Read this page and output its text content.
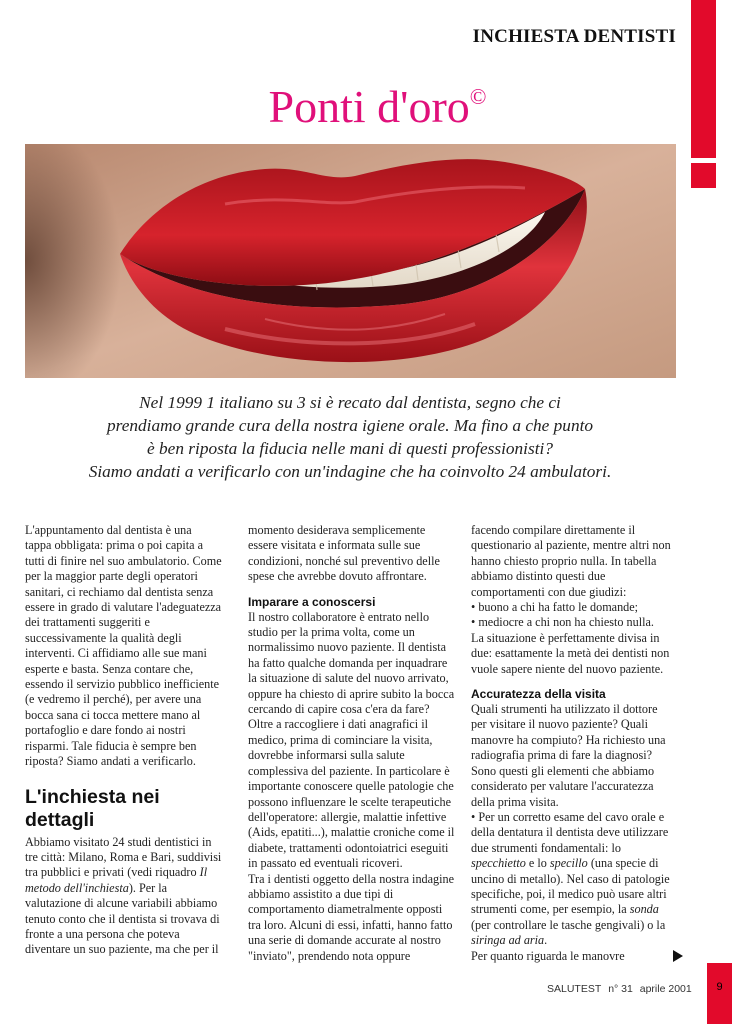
9
INCHIESTA DENTISTI
Ponti d'oro©

Nel 1999 1 italiano su 3 si è recato dal dentista, segno che ci

prendiamo grande cura della nostra igiene orale. Ma fino a che punto

è ben riposta la fiducia nelle mani di questi professionisti?

Siamo andati a verificarlo con un'indagine che ha coinvolto 24 ambulatori.

L'appuntamento dal dentista è una

tappa obbligata: prima o poi capita a

tutti di finire nel suo ambulatorio. Come

per la maggior parte degli operatori

sanitari, ci rechiamo dal dentista senza

essere in grado di valutare l'adeguatezza

dei trattamenti suggeriti e

successivamente la qualità degli

interventi. Ci affidiamo alle sue mani

esperte e basta. Senza contare che,

essendo il servizio pubblico inefficiente

(e vedremo il perché), per avere una

bocca sana ci tocca mettere mano al

portafoglio e dare fondo ai nostri

risparmi. Tale fiducia è sempre ben

riposta? Siamo andati a verificarlo.

L'inchiesta nei
dettagli

Abbiamo visitato 24 studi dentistici in

tre città: Milano, Roma e Bari, suddivisi

tra pubblici e privati (vedi riquadro Il

metodo dell'inchiesta). Per la

valutazione di alcune variabili abbiamo

tenuto conto che il dentista si trovava di

fronte a una persona che poteva

diventare un suo paziente, ma che per il

momento desiderava semplicemente

essere visitata e informata sulle sue

condizioni, nonché sul preventivo delle

spese che avrebbe dovuto affrontare.

Imparare a conoscersi

Il nostro collaboratore è entrato nello

studio per la prima volta, come un

normalissimo nuovo paziente. Il dentista

ha fatto qualche domanda per inquadrare

la situazione di salute del nuovo arrivato,

oppure ha chiesto di aprire subito la bocca

cercando di capire cosa c'era da fare?

Oltre a raccogliere i dati anagrafici il

medico, prima di cominciare la visita,

dovrebbe informarsi sulla salute

complessiva del paziente. In particolare è

importante conoscere quelle patologie che

possono influenzare le scelte terapeutiche

dell'operatore: allergie, malattie infettive

(Aids, epatiti...), malattie croniche come il

diabete, trattamenti odontoiatrici eseguiti

in passato ed eventuali ricoveri.

Tra i dentisti oggetto della nostra indagine

abbiamo assistito a due tipi di

comportamento diametralmente opposti

tra loro. Alcuni di essi, infatti, hanno fatto

una serie di domande accurate al nostro

"inviato", prendendo nota oppure

facendo compilare direttamente il

questionario al paziente, mentre altri non

hanno chiesto proprio nulla. In tabella

abbiamo distinto questi due

comportamenti con due giudizi:

• buono a chi ha fatto le domande;

• mediocre a chi non ha chiesto nulla.

La situazione è perfettamente divisa in

due: esattamente la metà dei dentisti non

vuole sapere niente del nuovo paziente.

Accuratezza della visita

Quali strumenti ha utilizzato il dottore

per visitare il nuovo paziente? Quali

manovre ha compiuto? Ha richiesto una

radiografia prima di fare la diagnosi?

Sono questi gli elementi che abbiamo

considerato per valutare l'accuratezza

della prima visita.

• Per un corretto esame del cavo orale e

della dentatura il dentista deve utilizzare

due strumenti fondamentali: lo

specchietto e lo specillo (una specie di

uncino di metallo). Nel caso di patologie

specifiche, poi, il medico può usare altri

strumenti come, per esempio, la sonda

(per controllare le tasche gengivali) o la

siringa ad aria.

Per quanto riguarda le manovre

SALUTEST n° 31 aprile 2001
